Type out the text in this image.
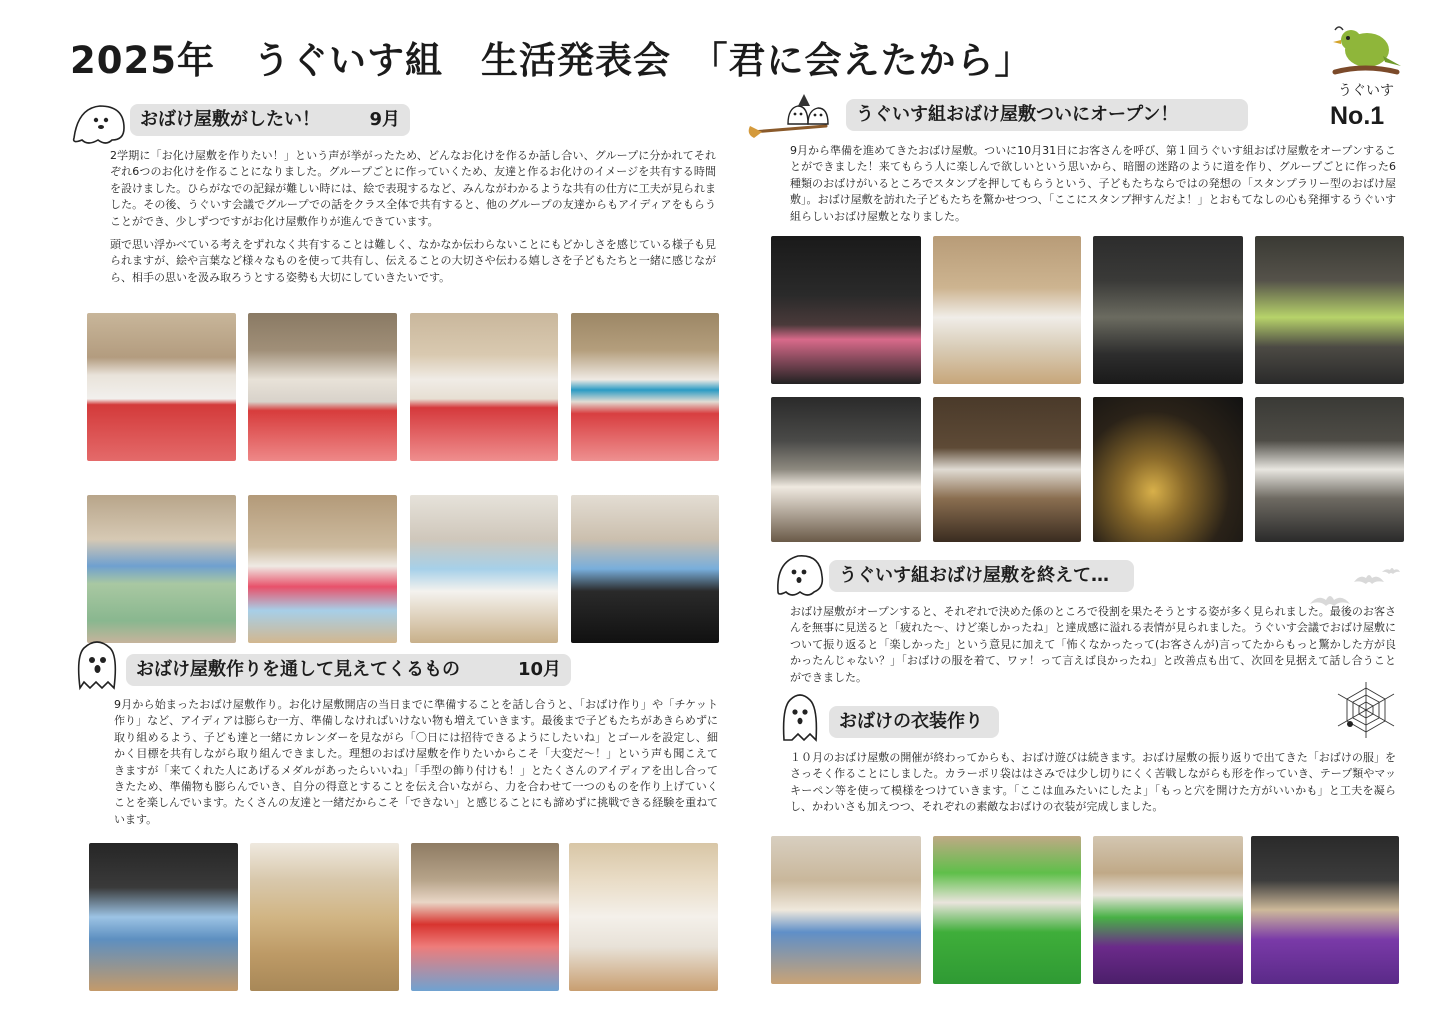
2025年　うぐいす組　生活発表会　「君に会えたから」
うぐいす
No.1
おばけ屋敷がしたい！	9月

2学期に「お化け屋敷を作りたい！」という声が挙がったため、どんなお化けを作るか話し合い、グループに分かれてそれぞれ6つのお化けを作ることになりました。グループごとに作っていくため、友達と作るお化けのイメージを共有する時間を設けました。ひらがなでの記録が難しい時には、絵で表現するなど、みんながわかるような共有の仕方に工夫が見られました。その後、うぐいす会議でグループでの話をクラス全体で共有すると、他のグループの友達からもアイディアをもらうことができ、少しずつですがお化け屋敷作りが進んできています。

頭で思い浮かべている考えをずれなく共有することは難しく、なかなか伝わらないことにもどかしさを感じている様子も見られますが、絵や言葉など様々なものを使って共有し、伝えることの大切さや伝わる嬉しさを子どもたちと一緒に感じながら、相手の思いを汲み取ろうとする姿勢も大切にしていきたいです。

おばけ屋敷作りを通して見えてくるもの	10月

9月から始まったおばけ屋敷作り。お化け屋敷開店の当日までに準備することを話し合うと、「おばけ作り」や「チケット作り」など、アイディアは膨らむ一方、準備しなければいけない物も増えていきます。最後まで子どもたちがあきらめずに取り組めるよう、子ども達と一緒にカレンダーを見ながら「〇日には招待できるようにしたいね」とゴールを設定し、細かく目標を共有しながら取り組んできました。理想のおばけ屋敷を作りたいからこそ「大変だ〜！」という声も聞こえてきますが「来てくれた人にあげるメダルがあったらいいね」「手型の飾り付けも！」とたくさんのアイディアを出し合ってきたため、準備物も膨らんでいき、自分の得意とすることを伝え合いながら、力を合わせて一つのものを作り上げていくことを楽しんでいます。たくさんの友達と一緒だからこそ「できない」と感じることにも諦めずに挑戦できる経験を重ねています。

うぐいす組おばけ屋敷ついにオープン！

9月から準備を進めてきたおばけ屋敷。ついに10月31日にお客さんを呼び、第１回うぐいす組おばけ屋敷をオープンすることができました！来てもらう人に楽しんで欲しいという思いから、暗闇の迷路のように道を作り、グループごとに作った6種類のおばけがいるところでスタンプを押してもらうという、子どもたちならではの発想の「スタンプラリー型のおばけ屋敷」。おばけ屋敷を訪れた子どもたちを驚かせつつ、「ここにスタンプ押すんだよ！」とおもてなしの心も発揮するうぐいす組らしいおばけ屋敷となりました。

うぐいす組おばけ屋敷を終えて…

おばけ屋敷がオープンすると、それぞれで決めた係のところで役割を果たそうとする姿が多く見られました。最後のお客さんを無事に見送ると「疲れた〜、けど楽しかったね」と達成感に溢れる表情が見られました。うぐいす会議でおばけ屋敷について振り返ると「楽しかった」という意見に加えて「怖くなかったって(お客さんが)言ってたからもっと驚かした方が良かったんじゃない？」「おばけの服を着て、ワァ！って言えば良かったね」と改善点も出て、次回を見据えて話し合うことができました。

おばけの衣装作り

１０月のおばけ屋敷の開催が終わってからも、おばけ遊びは続きます。おばけ屋敷の振り返りで出てきた「おばけの服」をさっそく作ることにしました。カラーポリ袋ははさみでは少し切りにくく苦戦しながらも形を作っていき、テープ類やマッキーペン等を使って模様をつけていきます。「ここは血みたいにしたよ」「もっと穴を開けた方がいいかも」と工夫を凝らし、かわいさも加えつつ、それぞれの素敵なおばけの衣装が完成しました。
